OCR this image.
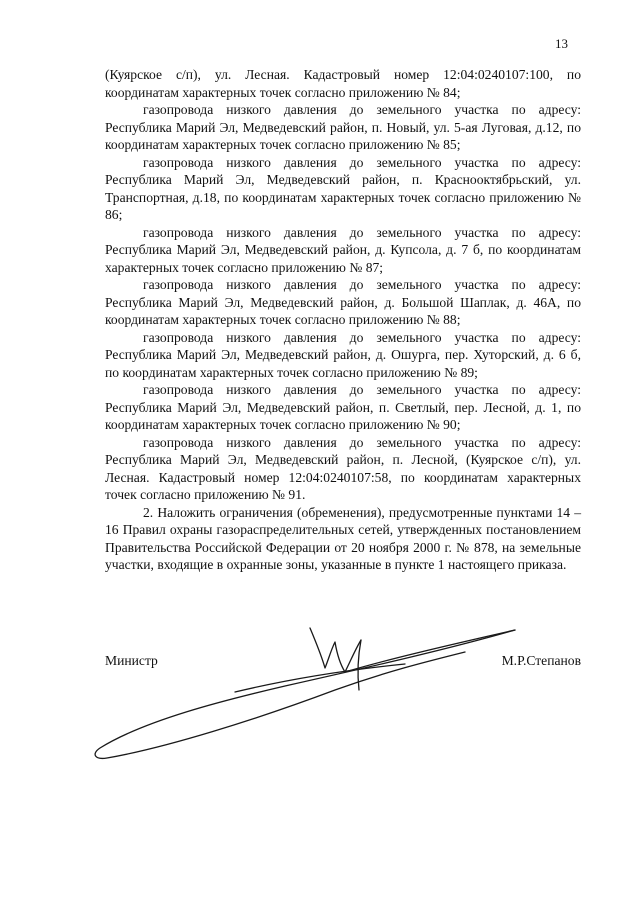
13

(Куярское с/п), ул. Лесная. Кадастровый номер 12:04:0240107:100, по координатам характерных точек согласно приложению № 84;

газопровода низкого давления до земельного участка по адресу: Республика Марий Эл, Медведевский район, п. Новый, ул. 5-ая Луговая, д.12, по координатам характерных точек согласно приложению № 85;

газопровода низкого давления до земельного участка по адресу: Республика Марий Эл, Медведевский район, п. Краснооктябрьский, ул. Транспортная, д.18, по координатам характерных точек согласно приложению № 86;

газопровода низкого давления до земельного участка по адресу: Республика Марий Эл, Медведевский район, д. Купсола, д. 7 б, по координатам характерных точек согласно приложению № 87;

газопровода низкого давления до земельного участка по адресу: Республика Марий Эл, Медведевский район, д. Большой Шаплак, д. 46А, по координатам характерных точек согласно приложению № 88;

газопровода низкого давления до земельного участка по адресу: Республика Марий Эл, Медведевский район, д. Ошурга, пер. Хуторский, д. 6 б, по координатам характерных точек согласно приложению № 89;

газопровода низкого давления до земельного участка по адресу: Республика Марий Эл, Медведевский район, п. Светлый, пер. Лесной, д. 1, по координатам характерных точек согласно приложению № 90;

газопровода низкого давления до земельного участка по адресу: Республика Марий Эл, Медведевский район, п. Лесной, (Куярское с/п), ул. Лесная. Кадастровый номер 12:04:0240107:58, по координатам характерных точек согласно приложению № 91.

2. Наложить ограничения (обременения), предусмотренные пунктами 14 – 16 Правил охраны газораспределительных сетей, утвержденных постановлением Правительства Российской Федерации от 20 ноября 2000 г. № 878, на земельные участки, входящие в охранные зоны, указанные в пункте 1 настоящего приказа.

Министр	М.Р.Степанов
